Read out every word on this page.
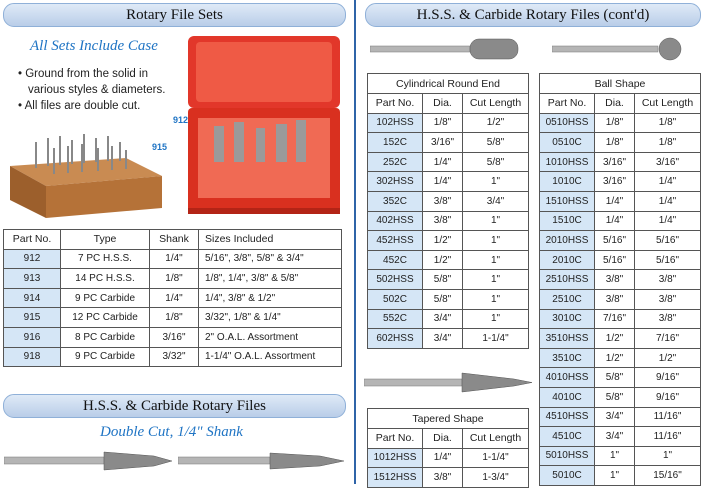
Rotary File Sets
All Sets Include Case
• Ground from the solid in various styles & diameters.
• All files are double cut.
915
912
Part No.	Type	Shank	Sizes Included
912	7 PC H.S.S.	1/4"	5/16", 3/8", 5/8" & 3/4"
913	14 PC H.S.S.	1/8"	1/8", 1/4", 3/8" & 5/8"
914	9 PC Carbide	1/4"	1/4", 3/8" & 1/2"
915	12 PC Carbide	1/8"	3/32", 1/8" & 1/4"
916	8 PC Carbide	3/16"	2" O.A.L. Assortment
918	9 PC Carbide	3/32"	1-1/4" O.A.L. Assortment
H.S.S. & Carbide Rotary Files
Double Cut, 1/4" Shank
H.S.S. & Carbide Rotary Files (cont'd)
Cylindrical Round End		
Part No.	Dia.	Cut Length
102HSS	1/8"	1/2"
152C	3/16"	5/8"
252C	1/4"	5/8"
302HSS	1/4"	1"
352C	3/8"	3/4"
402HSS	3/8"	1"
452HSS	1/2"	1"
452C	1/2"	1"
502HSS	5/8"	1"
502C	5/8"	1"
552C	3/4"	1"
602HSS	3/4"	1-1/4"
Tapered Shape		
Part No.	Dia.	Cut Length
1012HSS	1/4"	1-1/4"
1512HSS	3/8"	1-3/4"
Ball Shape		
Part No.	Dia.	Cut Length
0510HSS	1/8"	1/8"
0510C	1/8"	1/8"
1010HSS	3/16"	3/16"
1010C	3/16"	1/4"
1510HSS	1/4"	1/4"
1510C	1/4"	1/4"
2010HSS	5/16"	5/16"
2010C	5/16"	5/16"
2510HSS	3/8"	3/8"
2510C	3/8"	3/8"
3010C	7/16"	3/8"
3510HSS	1/2"	7/16"
3510C	1/2"	1/2"
4010HSS	5/8"	9/16"
4010C	5/8"	9/16"
4510HSS	3/4"	11/16"
4510C	3/4"	11/16"
5010HSS	1"	1"
5010C	1"	15/16"
